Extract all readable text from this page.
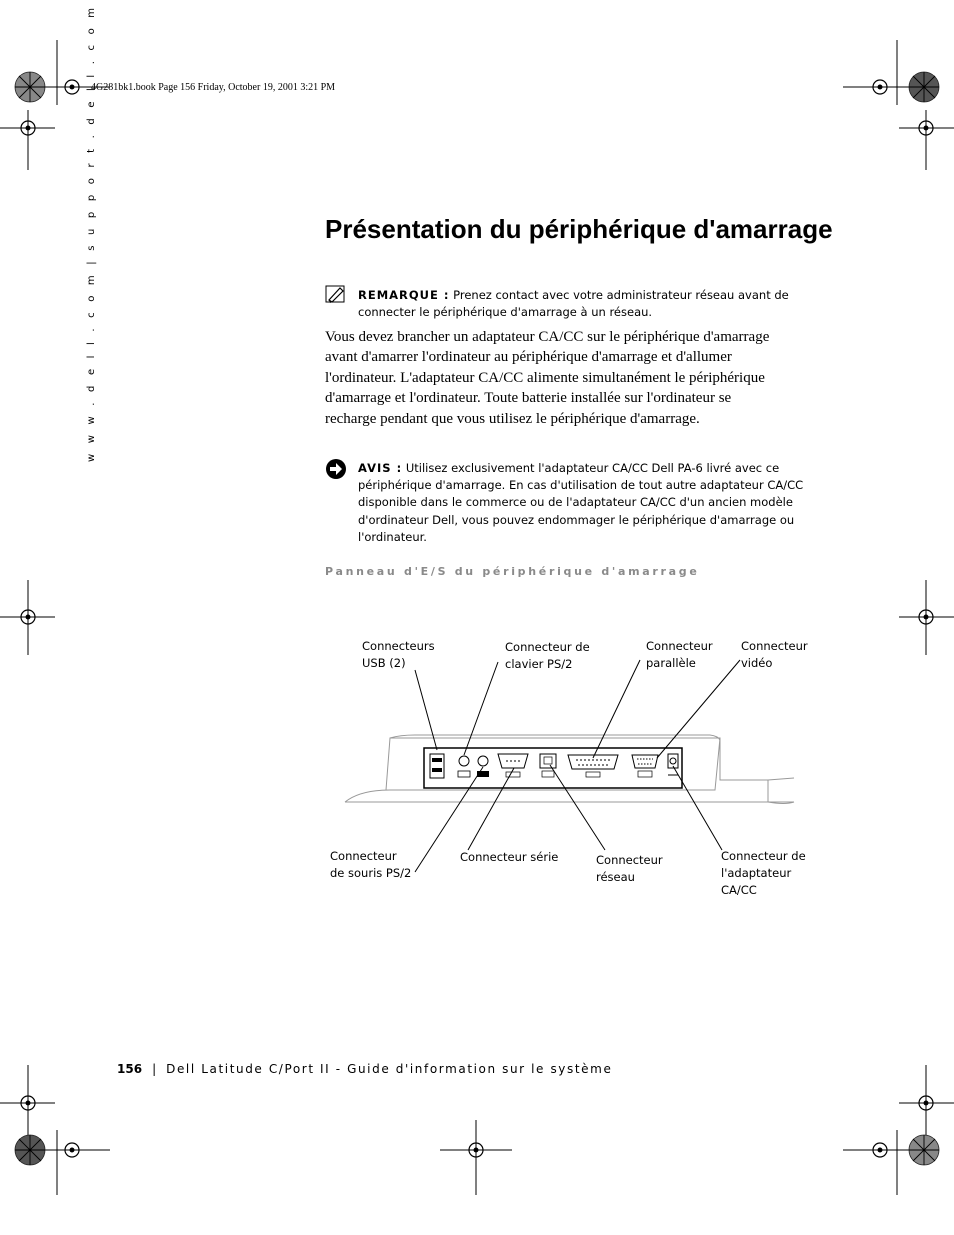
4G281bk1.book Page 156 Friday, October 19, 2001 3:21 PM
w w w . d e l l . c o m | s u p p o r t . d e l l . c o m	Présentation du périphérique d'amarrage
REMARQUE : Prenez contact avec votre administrateur réseau avant de connecter le périphérique d'amarrage à un réseau.

Vous devez brancher un adaptateur CA/CC sur le périphérique d'amarrage avant d'amarrer l'ordinateur au périphérique d'amarrage et d'allumer l'ordinateur. L'adaptateur CA/CC alimente simultanément le périphérique d'amarrage et l'ordinateur. Toute batterie installée sur l'ordinateur se recharge pendant que vous utilisez le périphérique d'amarrage.

AVIS : Utilisez exclusivement l'adaptateur CA/CC Dell PA-6 livré avec ce périphérique d'amarrage. En cas d'utilisation de tout autre adaptateur CA/CC disponible dans le commerce ou de l'adaptateur CA/CC d'un ancien modèle d'ordinateur Dell, vous pouvez endommager le périphérique d'amarrage ou l'ordinateur.
Panneau d'E/S du périphérique d'amarrage
Connecteurs
USB (2)
Connecteur de
clavier PS/2
Connecteur
parallèle
Connecteur
vidéo
Connecteur
de souris PS/2
Connecteur série	Connecteur
réseau
Connecteur de
l'adaptateur
CA/CC
156 | Dell Latitude C/Port II - Guide d'information sur le système
